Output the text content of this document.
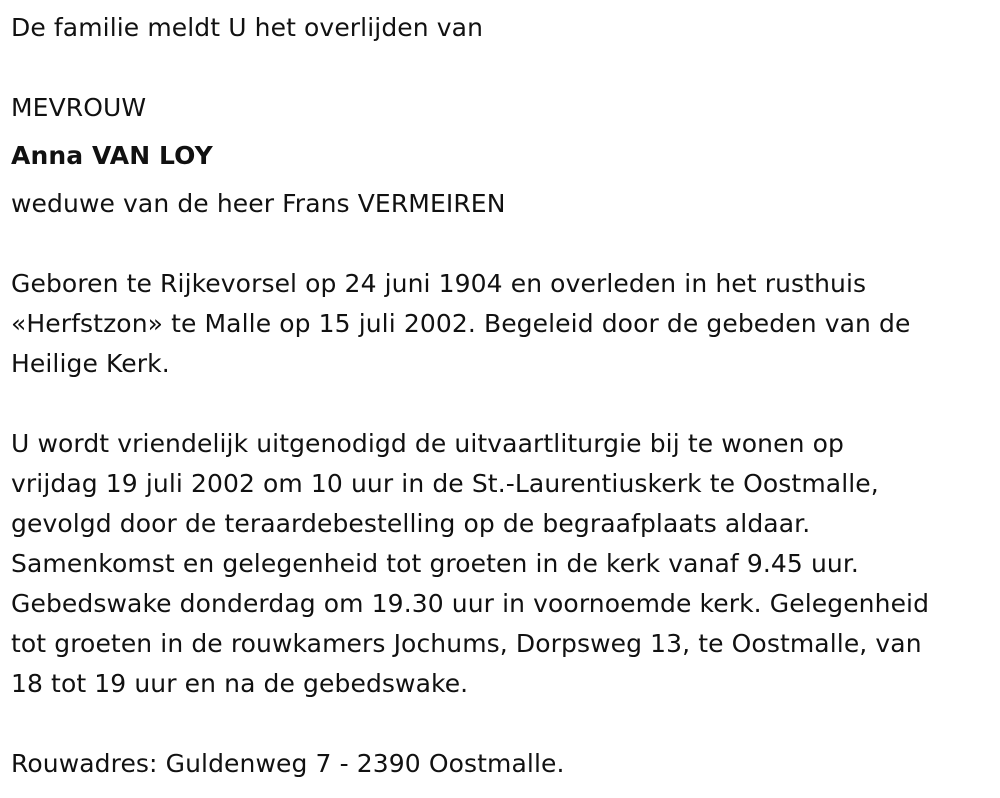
De familie meldt U het overlijden van

MEVROUW

Anna VAN LOY

weduwe van de heer Frans VERMEIREN

Geboren te Rijkevorsel op 24 juni 1904 en overleden in het rusthuis

«Herfstzon» te Malle op 15 juli 2002. Begeleid door de gebeden van de

Heilige Kerk.

U wordt vriendelijk uitgenodigd de uitvaartliturgie bij te wonen op

vrijdag 19 juli 2002 om 10 uur in de St.-Laurentiuskerk te Oostmalle,

gevolgd door de teraardebestelling op de begraafplaats aldaar.

Samenkomst en gelegenheid tot groeten in de kerk vanaf 9.45 uur.

Gebedswake donderdag om 19.30 uur in voornoemde kerk. Gelegenheid

tot groeten in de rouwkamers Jochums, Dorpsweg 13, te Oostmalle, van

18 tot 19 uur en na de gebedswake.

Rouwadres: Guldenweg 7 - 2390 Oostmalle.
